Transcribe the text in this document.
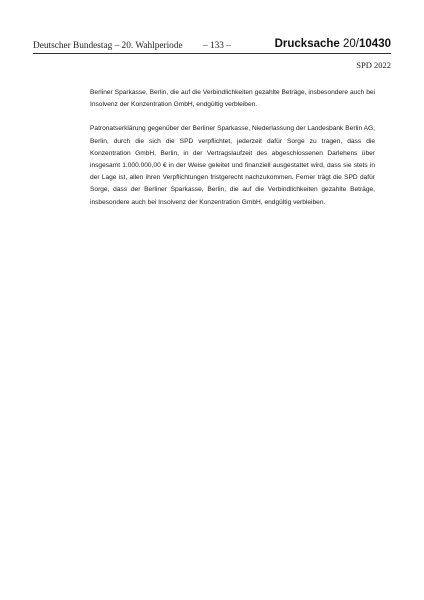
Deutscher Bundestag – 20. Wahlperiode – 133 –	Drucksache 20/10430
SPD 2022

Berliner Sparkasse, Berlin, die auf die Verbindlichkeiten gezahlte Beträge, insbesondere auch bei Insolvenz der Konzentration GmbH, endgültig verbleiben.

Patronatserklärung gegenüber der Berliner Sparkasse, Niederlassung der Landesbank Berlin AG, Berlin, durch die sich die SPD verpflichtet, jederzeit dafür Sorge zu tragen, dass die Konzentration GmbH, Berlin, in der Vertragslaufzeit des abgeschlossenen Darlehens über insgesamt 1.000.000,00 € in der Weise geleitet und finanziell ausgestattet wird, dass sie stets in der Lage ist, allen ihren Verpflichtungen fristgerecht nachzukommen. Ferner trägt die SPD dafür Sorge, dass der Berliner Sparkasse, Berlin, die auf die Verbindlichkeiten gezahlte Beträge, insbesondere auch bei Insolvenz der Konzentration GmbH, endgültig verbleiben.
